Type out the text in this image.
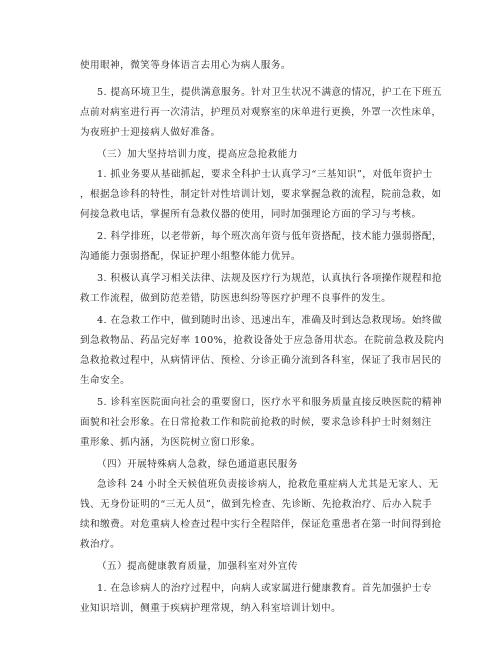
使用眼神，微笑等身体语言去用心为病人服务。
5. 提高环境卫生，提供满意服务。针对卫生状况不满意的情况，护工在下班五
点前对病室进行再一次清洁，护理员对观察室的床单进行更换，外罩一次性床单，
为夜班护士迎接病人做好准备。
（三）加大坚持培训力度，提高应急抢救能力
1. 抓业务要从基础抓起，要求全科护士认真学习“三基知识”，对低年资护士
，根据急诊科的特性，制定针对性培训计划，要求掌握急救的流程，院前急救，如
何接急救电话，掌握所有急救仪器的使用，同时加强理论方面的学习与考核。
2. 科学排班，以老带新，每个班次高年资与低年资搭配，技术能力强弱搭配，
沟通能力强弱搭配，保证护理小组整体能力优异。
3. 积极认真学习相关法律、法规及医疗行为规范，认真执行各项操作规程和抢
救工作流程，做到防范差错，防医患纠纷等医疗护理不良事件的发生。
4. 在急救工作中，做到随时出诊、迅速出车，准确及时到达急救现场。始终做
到急救物品、药品完好率 100%，抢救设备处于应急备用状态。在院前急救及院内
急救抢救过程中，从病情评估、预检、分诊正确分流到各科室，保证了我市居民的
生命安全。
5. 诊科室医院面向社会的重要窗口，医疗水平和服务质量直接反映医院的精神
面貌和社会形象。在日常抢救工作和院前抢救的时候，要求急诊科护士时刻刻注
重形象、抓内涵，为医院树立窗口形象。
（四）开展特殊病人急救，绿色通道惠民服务
急诊科 24 小时全天候值班负责接诊病人，抢救危重症病人尤其是无家人、无
钱、无身份证明的“三无人员”，做到先检查、先诊断、先抢救治疗、后办入院手
续和缴费。对危重病人检查过程中实行全程陪伴，保证危重患者在第一时间得到抢
救治疗。
（五）提高健康教育质量，加强科室对外宣传
1. 在急诊病人的治疗过程中，向病人或家属进行健康教育。首先加强护士专
业知识培训，侧重于疾病护理常规，纳入科室培训计划中。
